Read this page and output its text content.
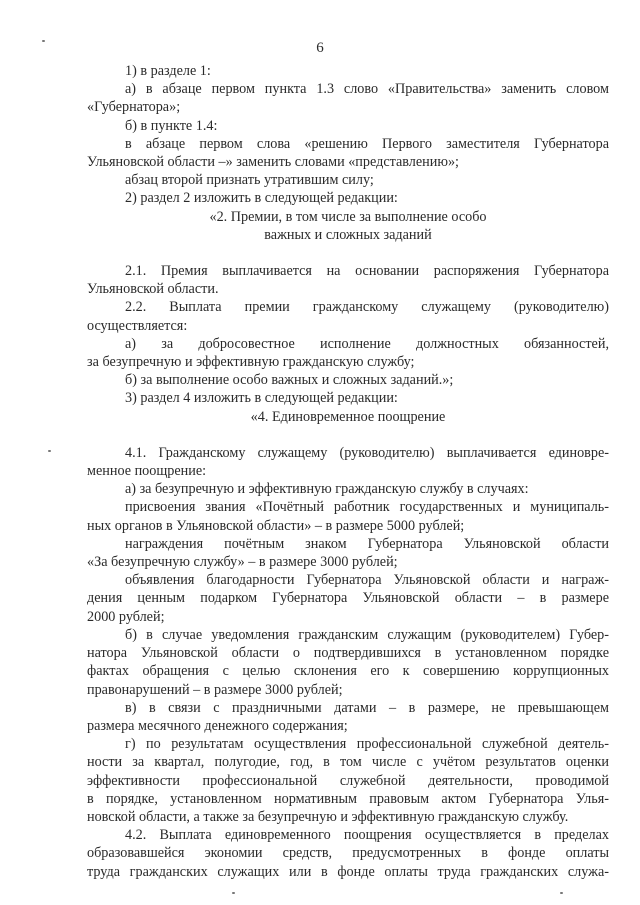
6
1) в разделе 1:
а) в абзаце первом пункта 1.3 слово «Правительства» заменить словом
«Губернатора»;
б) в пункте 1.4:
в абзаце первом слова «решению Первого заместителя Губернатора
Ульяновской области –» заменить словами «представлению»;
абзац второй признать утратившим силу;
2) раздел 2 изложить в следующей редакции:
«2. Премии, в том числе за выполнение особо
важных и сложных заданий
2.1. Премия выплачивается на основании распоряжения Губернатора
Ульяновской области.
2.2. Выплата премии гражданскому служащему (руководителю)
осуществляется:
а) за добросовестное исполнение должностных обязанностей,
за безупречную и эффективную гражданскую службу;
б) за выполнение особо важных и сложных заданий.»;
3) раздел 4 изложить в следующей редакции:
«4. Единовременное поощрение
4.1. Гражданскому служащему (руководителю) выплачивается единовре-
менное поощрение:
а) за безупречную и эффективную гражданскую службу в случаях:
присвоения звания «Почётный работник государственных и муниципаль-
ных органов в Ульяновской области» – в размере 5000 рублей;
награждения почётным знаком Губернатора Ульяновской области
«За безупречную службу» – в размере 3000 рублей;
объявления благодарности Губернатора Ульяновской области и награж-
дения ценным подарком Губернатора Ульяновской области – в размере
2000 рублей;
б) в случае уведомления гражданским служащим (руководителем) Губер-
натора Ульяновской области о подтвердившихся в установленном порядке
фактах обращения с целью склонения его к совершению коррупционных
правонарушений – в размере 3000 рублей;
в) в связи с праздничными датами – в размере, не превышающем
размера месячного денежного содержания;
г) по результатам осуществления профессиональной служебной деятель-
ности за квартал, полугодие, год, в том числе с учётом результатов оценки
эффективности профессиональной служебной деятельности, проводимой
в порядке, установленном нормативным правовым актом Губернатора Улья-
новской области, а также за безупречную и эффективную гражданскую службу.
4.2. Выплата единовременного поощрения осуществляется в пределах
образовавшейся экономии средств, предусмотренных в фонде оплаты
труда гражданских служащих или в фонде оплаты труда гражданских служа-
